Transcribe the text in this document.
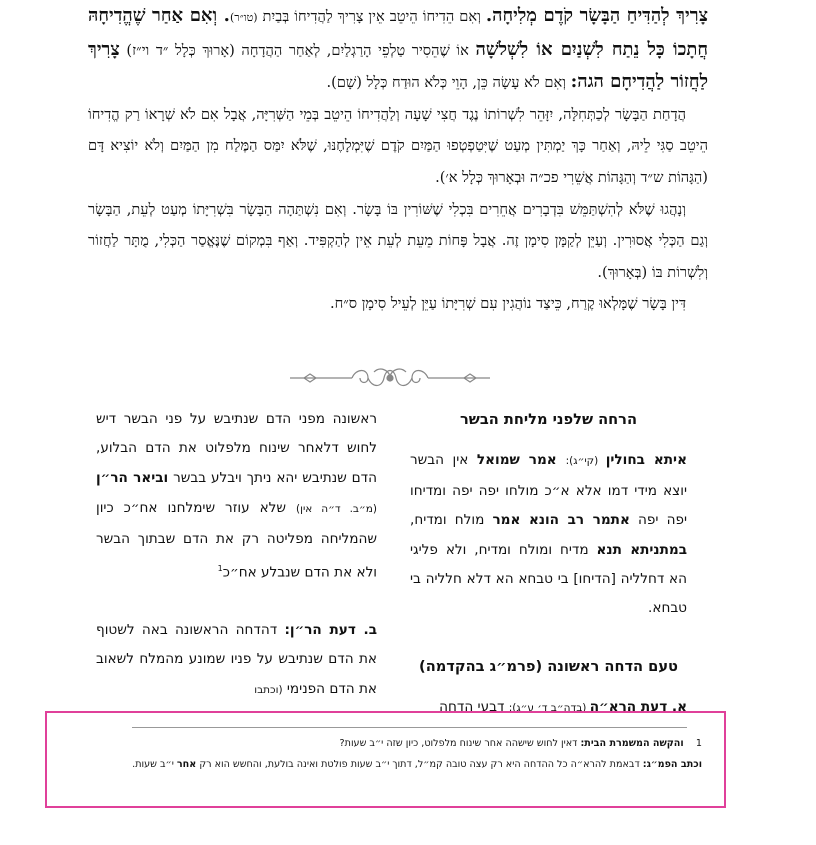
צָרִיךְ לְהַדִּיחַ הַבָּשָׂר קֹדֶם מְלִיחָה. וְאִם הֵדִיחוֹ הֵיטֵב אֵין צָרִיךְ לַהֲדִיחוֹ בְּבַיִת (טו״ר). וְאִם אַחַר שֶׁהֱדִיחָהּ חֲתָכוֹ כָּל נֵתַח לִשְׁנַיִם אוֹ לִשְׁלֹשָׁה אוֹ שֶׁהֵסִיר טַלְפֵי הָרַגְלַיִם, לְאַחַר הַהֲדָחָה (אָרוּךְ כְּלָל ״ד וי״ז) צָרִיךְ לַחֲזוֹר לַהֲדִיחָם הגה: וְאִם לֹא עָשָׂה כֵּן, הָוֵי כְּלֹא הוּדַח כְּלָל (שָׁם).

הֲדָחַת הַבָּשָׂר לְכַתְּחִלָּה, יִזָּהֵר לִשְׁרוֹתוֹ נֶגֶד חֲצִי שָׁעָה וְלַהֲדִיחוֹ הֵיטֵב בְּמֵי הַשְּׁרִיָּה, אֲבָל אִם לֹא שְׁרָאוֹ רַק הֱדִיחוֹ הֵיטֵב סַגִּי לֵיהּ, וְאַחַר כָּךְ יַמְתִּין מְעַט שֶׁיִּטַפְטְפוּ הַמַּיִם קֹדֶם שֶׁיִּמְלָחֶנּוּ, שֶׁלֹּא יִמַּס הַמֶּלַח מִן הַמַּיִם וְלֹא יוֹצִיא דָּם (הַגָּהוֹת ש״ד וְהַגָּהוֹת אֲשֵׁרִי פכ״ה וּבְאָרוּךְ כְּלָל א׳).

וְנָהֲגוּ שֶׁלֹּא לְהִשְׁתַּמֵּשׁ בִּדְבָרִים אֲחֵרִים בִּכְלִי שֶׁשּׁוֹרִין בּוֹ בָּשָׂר. וְאִם נִשְׁתַּהָה הַבָּשָׂר בִּשְׁרִיָּתוֹ מְעַט לְעֵת, הַבָּשָׂר וְגַם הַכְּלִי אֲסוּרִין. וְעַיֵּן לְקַמָּן סִימָן זֶה. אֲבָל פָּחוֹת מֵעֵת לְעֵת אֵין לְהַקְפִּיד. וְאַף בִּמְקוֹם שֶׁנֶּאֱסַר הַכְּלִי, מֻתָּר לַחֲזוֹר וְלִשְׁרוֹת בּוֹ (בְּאָרוּךְ).

דִּין בָּשָׂר שֶׁמָּלְאוּ קֶרַח, כֵּיצַד נוֹהֲגִין עִם שְׁרִיָּתוֹ עַיֵּן לְעֵיל סִימָן ס״ח.

הרחה שלפני מליחת הבשר

איתא בחולין (קי״ג): אמר שמואל אין הבשר יוצא מידי דמו אלא א״כ מולחו יפה יפה ומדיחו יפה יפה אתמר רב הונא אמר מולח ומדיח, במתניתא תנא מדיח ומולח ומדיח, ולא פליגי הא דחלליה [הדיחו] בי טבחא הא דלא חלליה בי טבחא.

טעם הדחה ראשונה (פרמ״ג בהקדמה)

א. דעת הרא״ה (בדה״ב ד׳ ע״ג): דבעי הדחה

ראשונה מפני הדם שנתיבש על פני הבשר דיש לחוש דלאחר שינוח מלפלוט את הדם הבלוע, הדם שנתיבש יהא ניתך ויבלע בבשר וביאר הר״ן (מ״ב. ד״ה אין) שלא עוזר שימלחנו אח״כ כיון שהמליחה מפליטה רק את הדם שבתוך הבשר ולא את הדם שנבלע אח״כ$^1$

ב. דעת הר״ן: דהדחה הראשונה באה לשטוף את הדם שנתיבש על פניו שמונע מהמלח לשאוב את הדם הפנימי (וכתבו

1    והקשה המשמרת הבית: דאין לחוש שישהה אחר שינוח מלפלוט, כיון שזה י״ב שעות?

וכתב הפמ״ג: דבאמת להרא״ה כל ההדחה היא רק עצה טובה קמ״ל, דתוך י״ב שעות פולטת ואינה בולעת, והחשש הוא רק אחר י״ב שעות.
